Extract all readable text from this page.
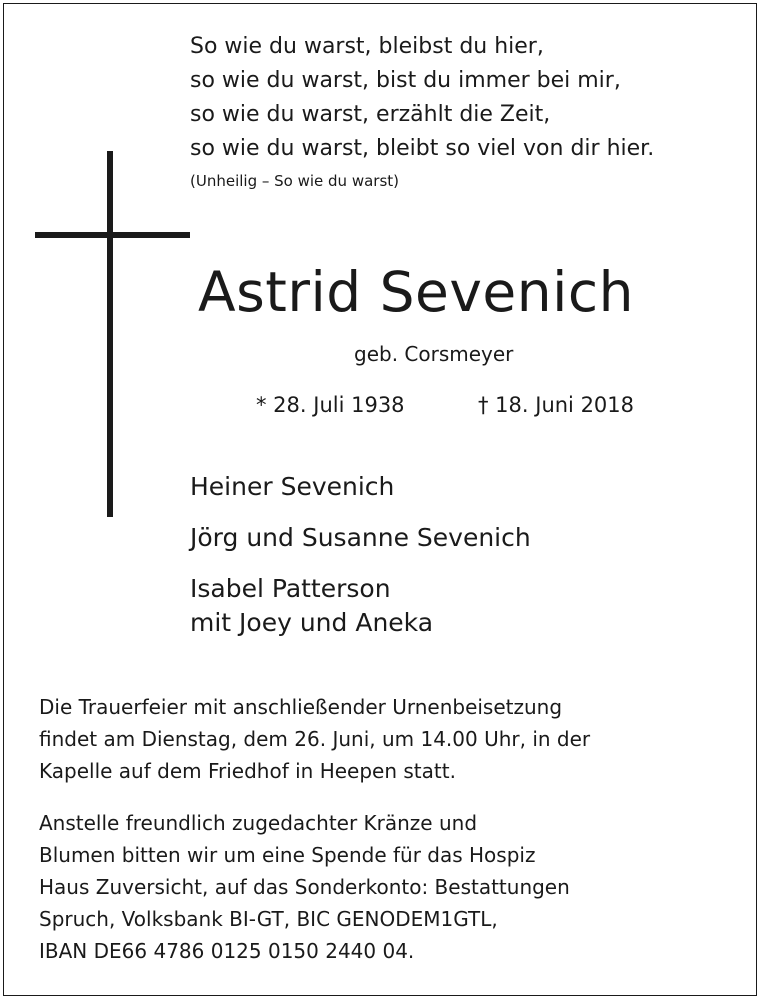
So wie du warst, bleibst du hier,
so wie du warst, bist du immer bei mir,
so wie du warst, erzählt die Zeit,
so wie du warst, bleibt so viel von dir hier.
(Unheilig – So wie du warst)
Astrid Sevenich
geb. Corsmeyer
* 28. Juli 1938	† 18. Juni 2018
Heiner Sevenich
Jörg und Susanne Sevenich
Isabel Patterson
mit Joey und Aneka
Die Trauerfeier mit anschließender Urnenbeisetzung
findet am Dienstag, dem 26. Juni, um 14.00 Uhr, in der
Kapelle auf dem Friedhof in Heepen statt.
Anstelle freundlich zugedachter Kränze und
Blumen bitten wir um eine Spende für das Hospiz
Haus Zuversicht, auf das Sonderkonto: Bestattungen
Spruch, Volksbank BI-GT, BIC GENODEM1GTL,
IBAN DE66 4786 0125 0150 2440 04.
